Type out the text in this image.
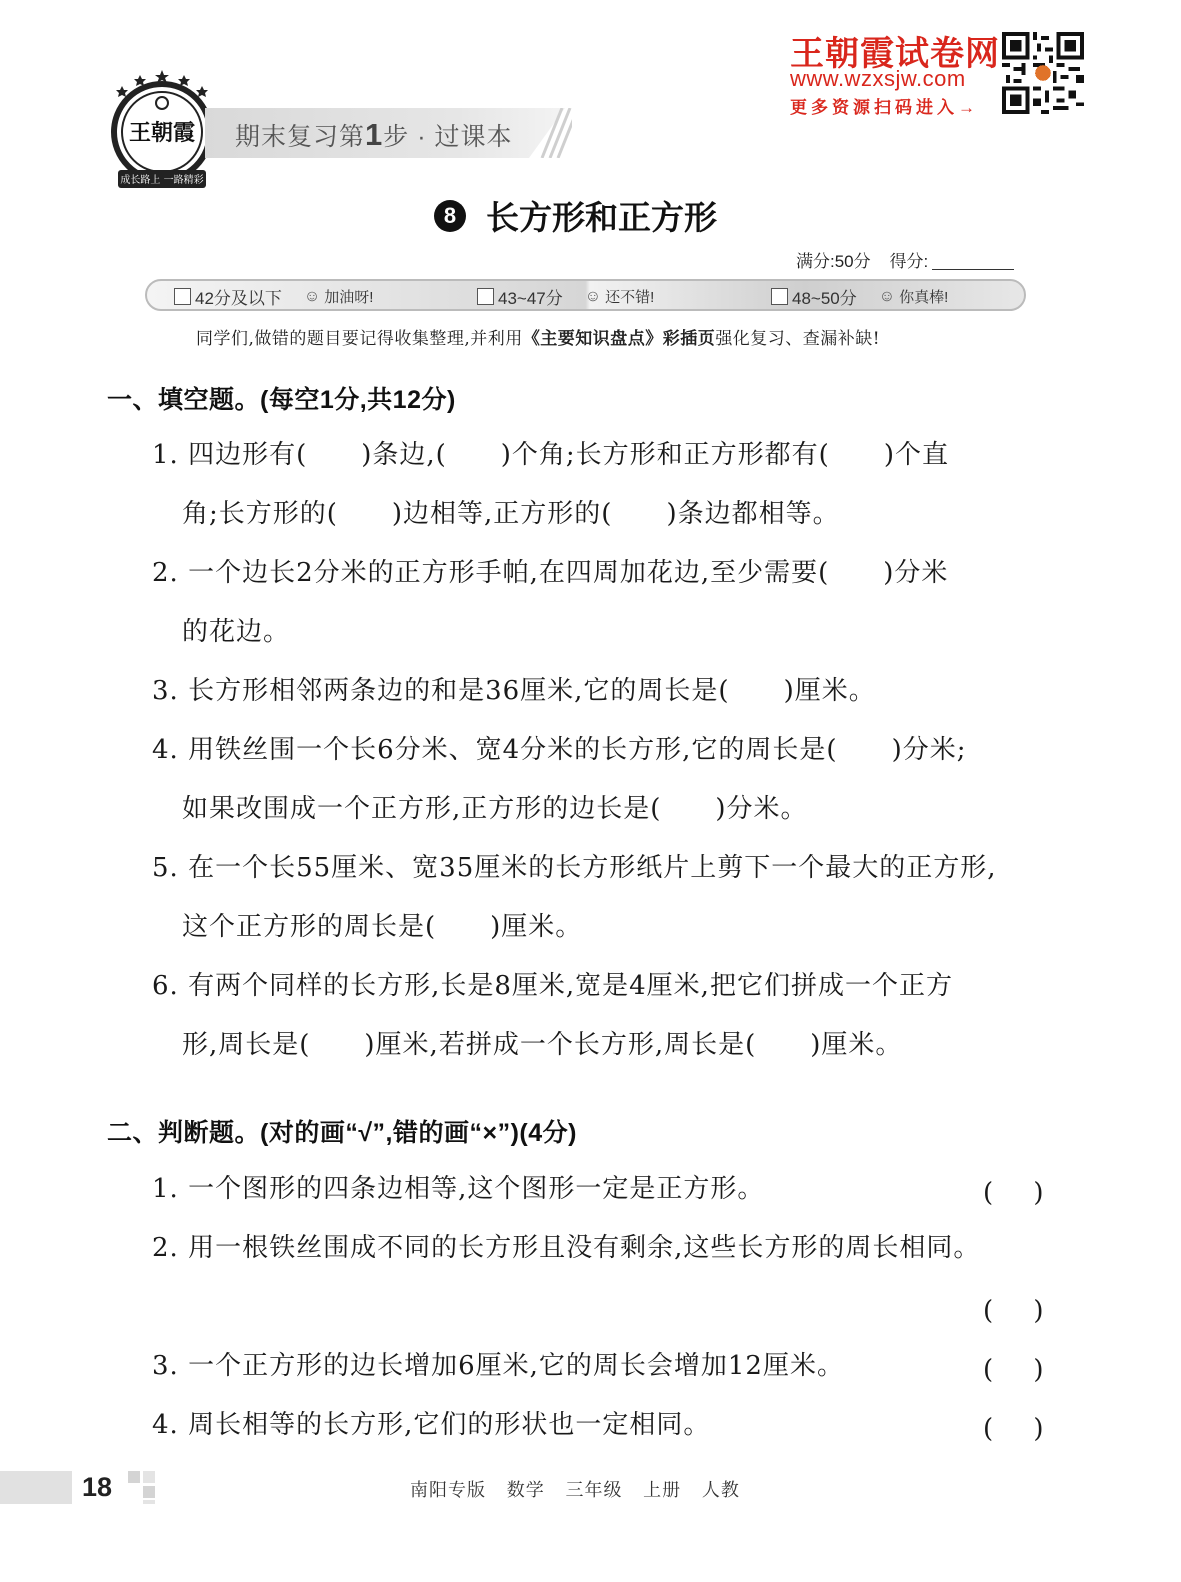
王朝霞
成长路上 一路精彩
期末复习第1步 · 过课本
王朝霞试卷网
www.wzxsjw.com
更多资源扫码进入→
8 长方形和正方形
满分:50分 得分:
42分及以下 ☺ 加油呀!	43~47分 ☺ 还不错!	48~50分 ☺ 你真棒!
同学们,做错的题目要记得收集整理,并利用《主要知识盘点》彩插页强化复习、查漏补缺!
一、填空题。(每空1分,共12分)
1. 四边形有(　　)条边,(　　)个角;长方形和正方形都有(　　)个直
角;长方形的(　　)边相等,正方形的(　　)条边都相等。
2. 一个边长2分米的正方形手帕,在四周加花边,至少需要(　　)分米
的花边。
3. 长方形相邻两条边的和是36厘米,它的周长是(　　)厘米。
4. 用铁丝围一个长6分米、宽4分米的长方形,它的周长是(　　)分米;
如果改围成一个正方形,正方形的边长是(　　)分米。
5. 在一个长55厘米、宽35厘米的长方形纸片上剪下一个最大的正方形,
这个正方形的周长是(　　)厘米。
6. 有两个同样的长方形,长是8厘米,宽是4厘米,把它们拼成一个正方
形,周长是(　　)厘米,若拼成一个长方形,周长是(　　)厘米。
二、判断题。(对的画“√”,错的画“×”)(4分)
1. 一个图形的四条边相等,这个图形一定是正方形。	(　 )
2. 用一根铁丝围成不同的长方形且没有剩余,这些长方形的周长相同。
(　 )
3. 一个正方形的边长增加6厘米,它的周长会增加12厘米。	(　 )
4. 周长相等的长方形,它们的形状也一定相同。	(　 )
18	南阳专版 数学 三年级 上册 人教
